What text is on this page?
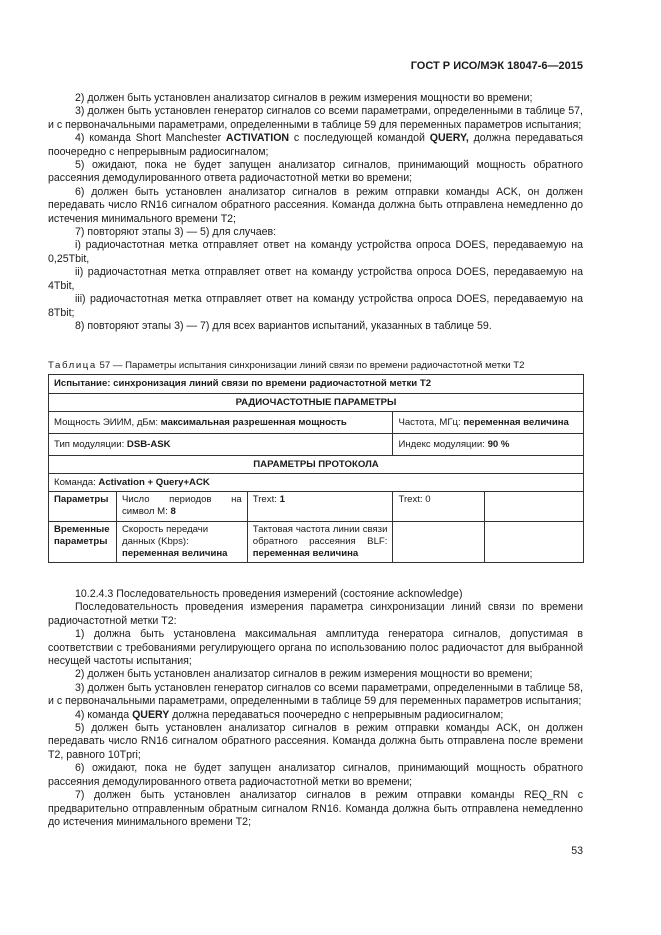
ГОСТ Р ИСО/МЭК 18047-6—2015

2) должен быть установлен анализатор сигналов в режим измерения мощности во времени;

3) должен быть установлен генератор сигналов со всеми параметрами, определенными в таблице 57, и с первоначальными параметрами, определенными в таблице 59 для переменных параметров испытания;

4) команда Short Manchester ACTIVATION с последующей командой QUERY, должна передаваться поочередно с непрерывным радиосигналом;

5) ожидают, пока не будет запущен анализатор сигналов, принимающий мощность обратного рассеяния демодулированного ответа радиочастотной метки во времени;

6) должен быть установлен анализатор сигналов в режим отправки команды ACK, он должен передавать число RN16 сигналом обратного рассеяния. Команда должна быть отправлена немедленно до истечения минимального времени T2;

7) повторяют этапы 3) — 5) для случаев:

i) радиочастотная метка отправляет ответ на команду устройства опроса DOES, передаваемую на 0,25Tbit,

ii) радиочастотная метка отправляет ответ на команду устройства опроса DOES, передаваемую на 4Tbit,

iii) радиочастотная метка отправляет ответ на команду устройства опроса DOES, передаваемую на 8Tbit;

8) повторяют этапы 3) — 7) для всех вариантов испытаний, указанных в таблице 59.

Таблица 57 — Параметры испытания синхронизации линий связи по времени радиочастотной метки T2
Испытание: синхронизация линий связи по времени радиочастотной метки T2				
РАДИОЧАСТОТНЫЕ ПАРАМЕТРЫ				
Мощность ЭИИМ, дБм: максимальная разрешенная мощность			Частота, МГц: переменная величина	
Тип модуляции: DSB-ASK			Индекс модуляции: 90 %	
ПАРАМЕТРЫ ПРОТОКОЛА				
Команда: Activation + Query+ACK				
Параметры	Число периодов на символ M: 8	Trext: 1	Trext: 0	
Временные параметры	Скорость передачи данных (Kbps): переменная величина	Тактовая частота линии связи обратного рассеяния BLF: переменная величина		

10.2.4.3 Последовательность проведения измерений (состояние acknowledge)

Последовательность проведения измерения параметра синхронизации линий связи по времени радиочастотной метки T2:

1) должна быть установлена максимальная амплитуда генератора сигналов, допустимая в соответствии с требованиями регулирующего органа по использованию полос радиочастот для выбранной несущей частоты испытания;

2) должен быть установлен анализатор сигналов в режим измерения мощности во времени;

3) должен быть установлен генератор сигналов со всеми параметрами, определенными в таблице 58, и с первоначальными параметрами, определенными в таблице 59 для переменных параметров испытания;

4) команда QUERY должна передаваться поочередно с непрерывным радиосигналом;

5) должен быть установлен анализатор сигналов в режим отправки команды ACK, он должен передавать число RN16 сигналом обратного рассеяния. Команда должна быть отправлена после времени T2, равного 10Tpri;

6) ожидают, пока не будет запущен анализатор сигналов, принимающий мощность обратного рассеяния демодулированного ответа радиочастотной метки во времени;

7) должен быть установлен анализатор сигналов в режим отправки команды REQ_RN с предварительно отправленным обратным сигналом RN16. Команда должна быть отправлена немедленно до истечения минимального времени T2;

53
